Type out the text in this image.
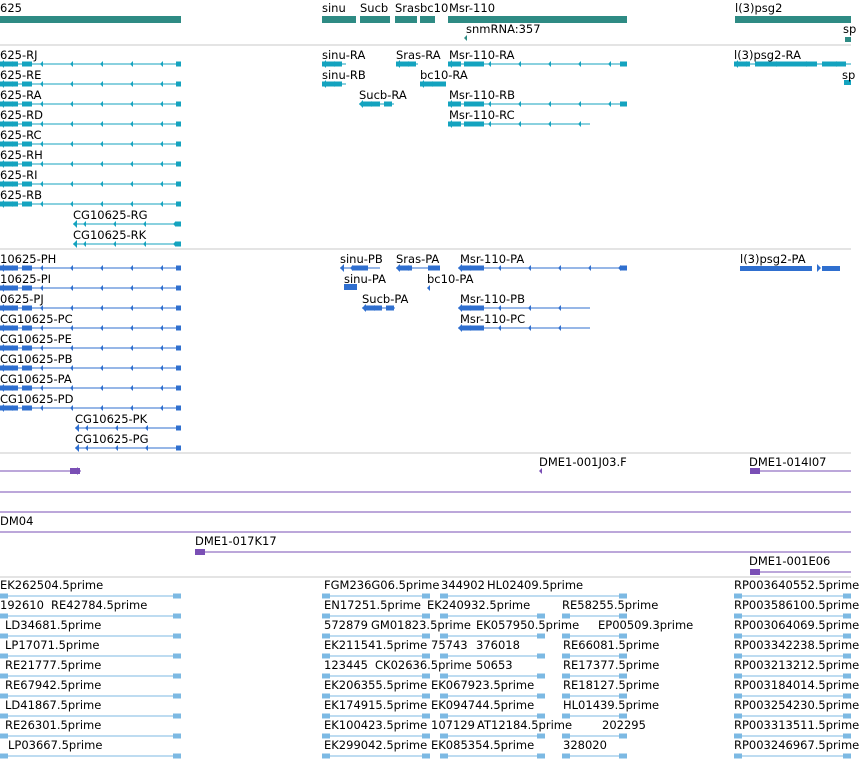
625	sinu Sucb Sras bc10 Msr-110
snmRNA:357
l(3)psg2
sp
625-RJ
625-RE
625-RA
625-RD
625-RC
625-RH
625-RI
625-RB
CG10625-RG
CG10625-RK
sinu-RA
sinu-RB
Sucb-RA
Sras-RA
bc10-RA
Msr-110-RA
Msr-110-RB
Msr-110-RC
l(3)psg2-RA
sp
10625-PH
10625-PI
0625-PJ
CG10625-PC
CG10625-PE
CG10625-PB
CG10625-PA
CG10625-PD
CG10625-PK
CG10625-PG
sinu-PB
sinu-PA
Sucb-PA
Sras-PA
bc10-PA
Msr-110-PA
Msr-110-PB
Msr-110-PC
l(3)psg2-PA
DME1-001J03.F	DME1-014I07
DM04
DME1-017K17
DME1-001E06
EK262504.5prime
192610 RE42784.5prime
LD34681.5prime
LP17071.5prime
RE21777.5prime
RE67942.5prime
LD41867.5prime
RE26301.5prime
LP03667.5prime
FGM236G06.5prime 344902 HL02409.5prime
EN17251.5prime EK240932.5prime	RE58255.5prime
572879 GM01823.5prime EK057950.5prime EP00509.3prime
EK211541.5prime 75743 376018	RE66081.5prime
123445 CK02636.5prime 50653	RE17377.5prime
EK206355.5prime EK067923.5prime	RE18127.5prime
EK174915.5prime EK094744.5prime	HL01439.5prime
EK100423.5prime 107129 AT12184.5prime	202295
EK299042.5prime EK085354.5prime	328020
RP003640552.5prime
RP003586100.5prime
RP003064069.5prime
RP003342238.5prime
RP003213212.5prime
RP003184014.5prime
RP003254230.5prime
RP003313511.5prime
RP003246967.5prime
